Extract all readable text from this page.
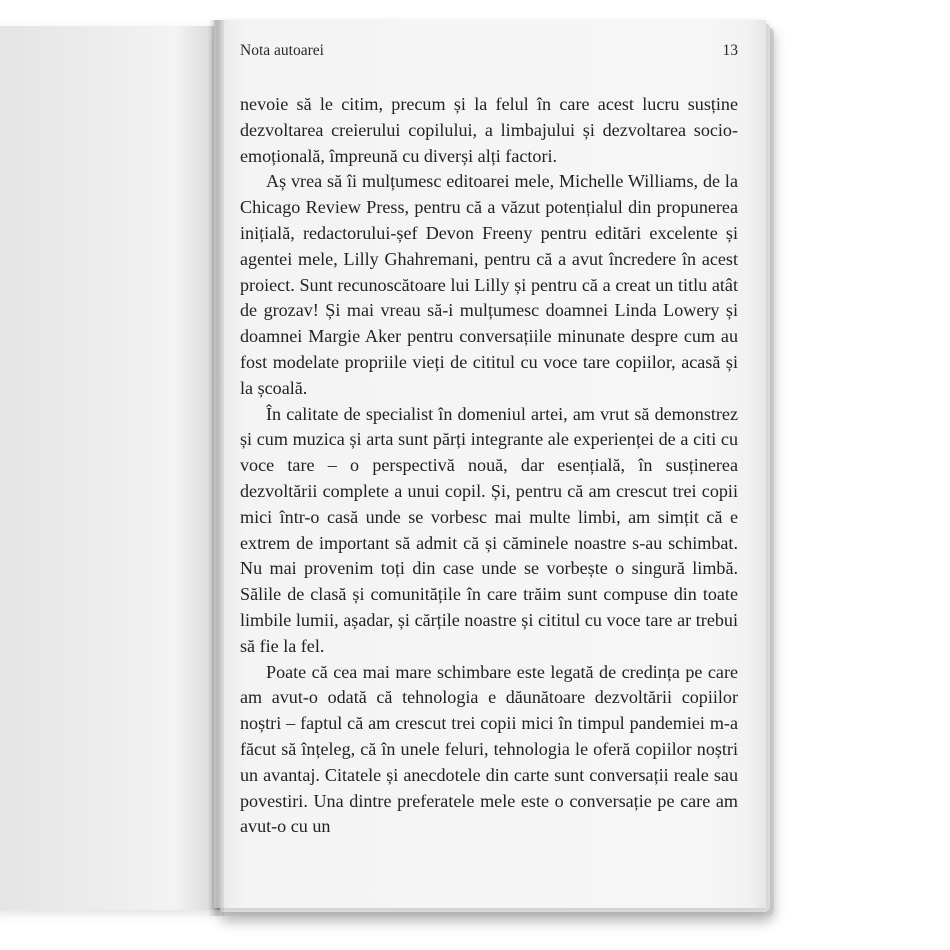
Nota autoarei	13

nevoie să le citim, precum și la felul în care acest lucru susține dezvoltarea creierului copilului, a limbajului și dezvoltarea socio-emoțională, împreună cu diverși alți factori.

Aș vrea să îi mulțumesc editoarei mele, Michelle Williams, de la Chicago Review Press, pentru că a văzut potențialul din propunerea inițială, redactorului-șef Devon Freeny pentru editări excelente și agentei mele, Lilly Ghahremani, pentru că a avut încredere în acest proiect. Sunt recunoscătoare lui Lilly și pentru că a creat un titlu atât de grozav! Și mai vreau să-i mulțumesc doamnei Linda Lowery și doamnei Margie Aker pentru conversațiile minunate despre cum au fost modelate propriile vieți de cititul cu voce tare copiilor, acasă și la școală.

În calitate de specialist în domeniul artei, am vrut să demonstrez și cum muzica și arta sunt părți integrante ale experienței de a citi cu voce tare – o perspectivă nouă, dar esențială, în susținerea dezvoltării complete a unui copil. Și, pentru că am crescut trei copii mici într-o casă unde se vorbesc mai multe limbi, am simțit că e extrem de important să admit că și căminele noastre s-au schimbat. Nu mai provenim toți din case unde se vorbește o singură limbă. Sălile de clasă și comunitățile în care trăim sunt compuse din toate limbile lumii, așadar, și cărțile noastre și cititul cu voce tare ar trebui să fie la fel.

Poate că cea mai mare schimbare este legată de credința pe care am avut-o odată că tehnologia e dăunătoare dezvoltării copiilor noștri – faptul că am crescut trei copii mici în timpul pandemiei m-a făcut să înțeleg, că în unele feluri, tehnologia le oferă copiilor noștri un avantaj. Citatele și anecdotele din carte sunt conversații reale sau povestiri. Una dintre preferatele mele este o conversație pe care am avut-o cu un
